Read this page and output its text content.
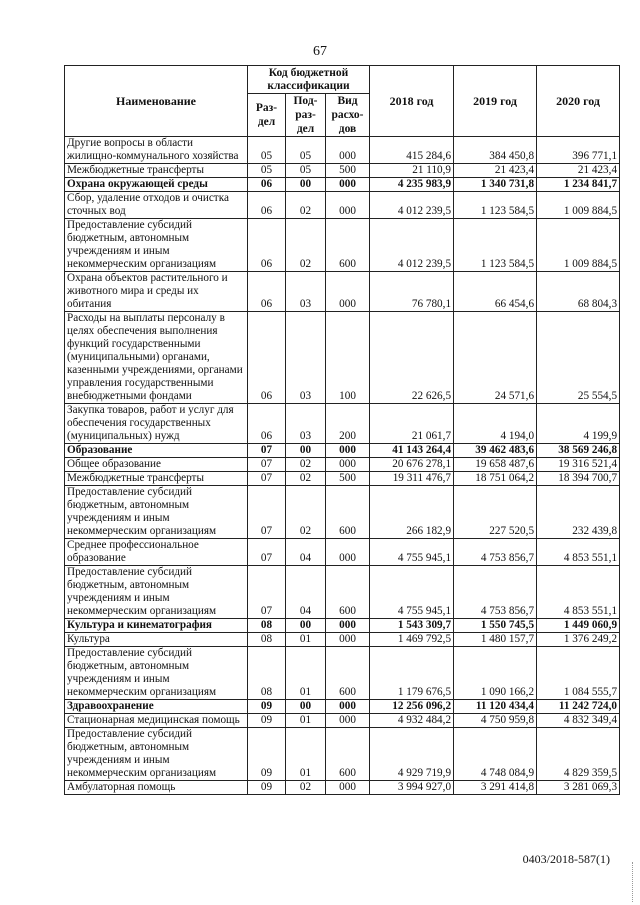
67
Наименование	Код бюджетной классификации			2018 год	2019 год	2020 год
	Раз-дел	Под-раз-дел	Вид расхо-дов			
Другие вопросы в области жилищно-коммунального хозяйства	05	05	000	415 284,6	384 450,8	396 771,1
Межбюджетные трансферты	05	05	500	21 110,9	21 423,4	21 423,4
Охрана окружающей среды	06	00	000	4 235 983,9	1 340 731,8	1 234 841,7
Сбор, удаление отходов и очистка сточных вод	06	02	000	4 012 239,5	1 123 584,5	1 009 884,5
Предоставление субсидий бюджетным, автономным учреждениям и иным некоммерческим организациям	06	02	600	4 012 239,5	1 123 584,5	1 009 884,5
Охрана объектов растительного и животного мира и среды их обитания	06	03	000	76 780,1	66 454,6	68 804,3
Расходы на выплаты персоналу в целях обеспечения выполнения функций государственными (муниципальными) органами, казенными учреждениями, органами управления государственными внебюджетными фондами	06	03	100	22 626,5	24 571,6	25 554,5
Закупка товаров, работ и услуг для обеспечения государственных (муниципальных) нужд	06	03	200	21 061,7	4 194,0	4 199,9
Образование	07	00	000	41 143 264,4	39 462 483,6	38 569 246,8
Общее образование	07	02	000	20 676 278,1	19 658 487,6	19 316 521,4
Межбюджетные трансферты	07	02	500	19 311 476,7	18 751 064,2	18 394 700,7
Предоставление субсидий бюджетным, автономным учреждениям и иным некоммерческим организациям	07	02	600	266 182,9	227 520,5	232 439,8
Среднее профессиональное образование	07	04	000	4 755 945,1	4 753 856,7	4 853 551,1
Предоставление субсидий бюджетным, автономным учреждениям и иным некоммерческим организациям	07	04	600	4 755 945,1	4 753 856,7	4 853 551,1
Культура и кинематография	08	00	000	1 543 309,7	1 550 745,5	1 449 060,9
Культура	08	01	000	1 469 792,5	1 480 157,7	1 376 249,2
Предоставление субсидий бюджетным, автономным учреждениям и иным некоммерческим организациям	08	01	600	1 179 676,5	1 090 166,2	1 084 555,7
Здравоохранение	09	00	000	12 256 096,2	11 120 434,4	11 242 724,0
Стационарная медицинская помощь	09	01	000	4 932 484,2	4 750 959,8	4 832 349,4
Предоставление субсидий бюджетным, автономным учреждениям и иным некоммерческим организациям	09	01	600	4 929 719,9	4 748 084,9	4 829 359,5
Амбулаторная помощь	09	02	000	3 994 927,0	3 291 414,8	3 281 069,3
0403/2018-587(1)
